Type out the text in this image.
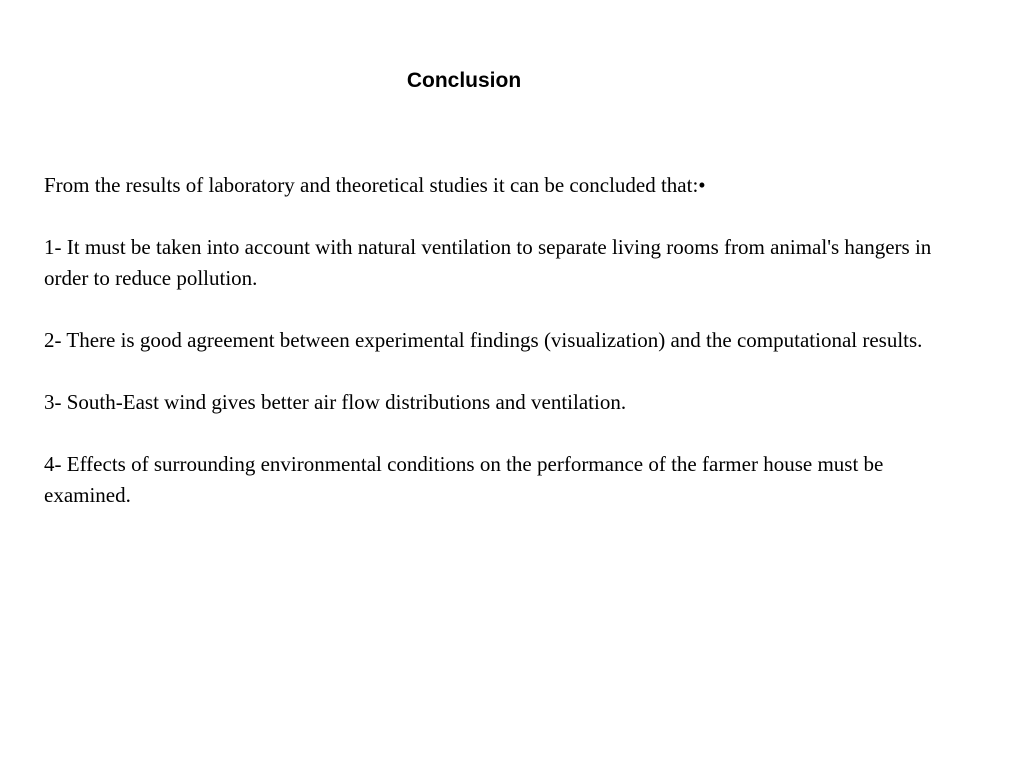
Conclusion

From the results of laboratory and theoretical studies it can be concluded that:•

1- It must be taken into account with natural ventilation to separate living rooms from animal's hangers in order to reduce pollution.

2- There is good agreement between experimental findings (visualization) and the computational results.

3- South-East wind gives better air flow distributions and ventilation.

4- Effects of surrounding environmental conditions on the performance of the farmer house must be examined.
